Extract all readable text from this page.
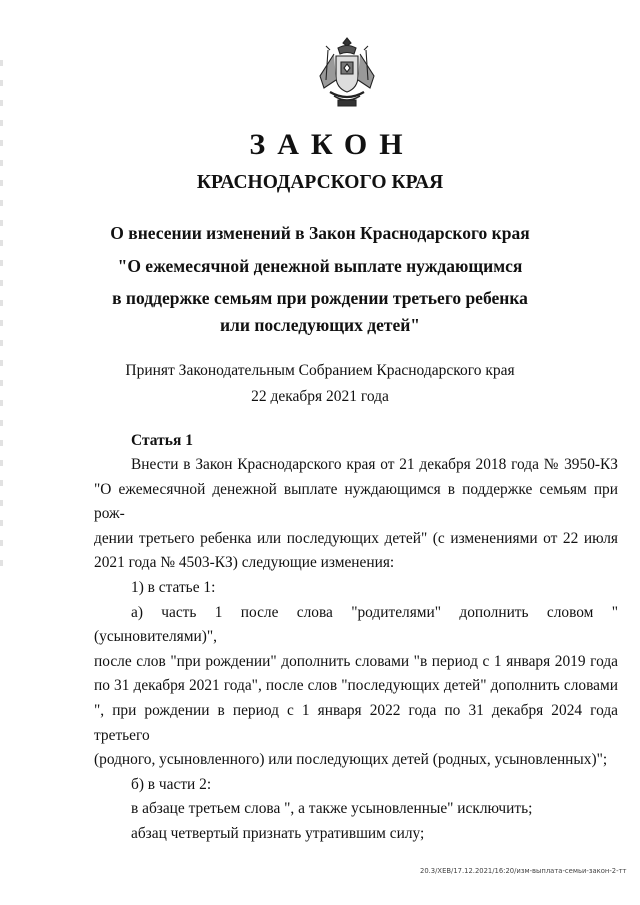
ЗАКОН
КРАСНОДАРСКОГО КРАЯ

О внесении изменений в Закон Краснодарского края

"О ежемесячной денежной выплате нуждающимся

в поддержке семьям при рождении третьего ребенка

или последующих детей"

Принят Законодательным Собранием Краснодарского края

22 декабря 2021 года

Статья 1

Внести в Закон Краснодарского края от 21 декабря 2018 года № 3950-КЗ

"О ежемесячной денежной выплате нуждающимся в поддержке семьям при рож-

дении третьего ребенка или последующих детей" (с изменениями от 22 июля

2021 года № 4503-КЗ) следующие изменения:

1) в статье 1:

а) часть 1 после слова "родителями" дополнить словом "(усыновителями)",

после слов "при рождении" дополнить словами "в период с 1 января 2019 года

по 31 декабря 2021 года", после слов "последующих детей" дополнить словами

", при рождении в период с 1 января 2022 года по 31 декабря 2024 года третьего

(родного, усыновленного) или последующих детей (родных, усыновленных)";

б) в части 2:

в абзаце третьем слова ", а также усыновленные" исключить;

абзац четвертый признать утратившим силу;

20.3/ХЕВ/17.12.2021/16:20/изм-выплата-семьи-закон-2-тт
